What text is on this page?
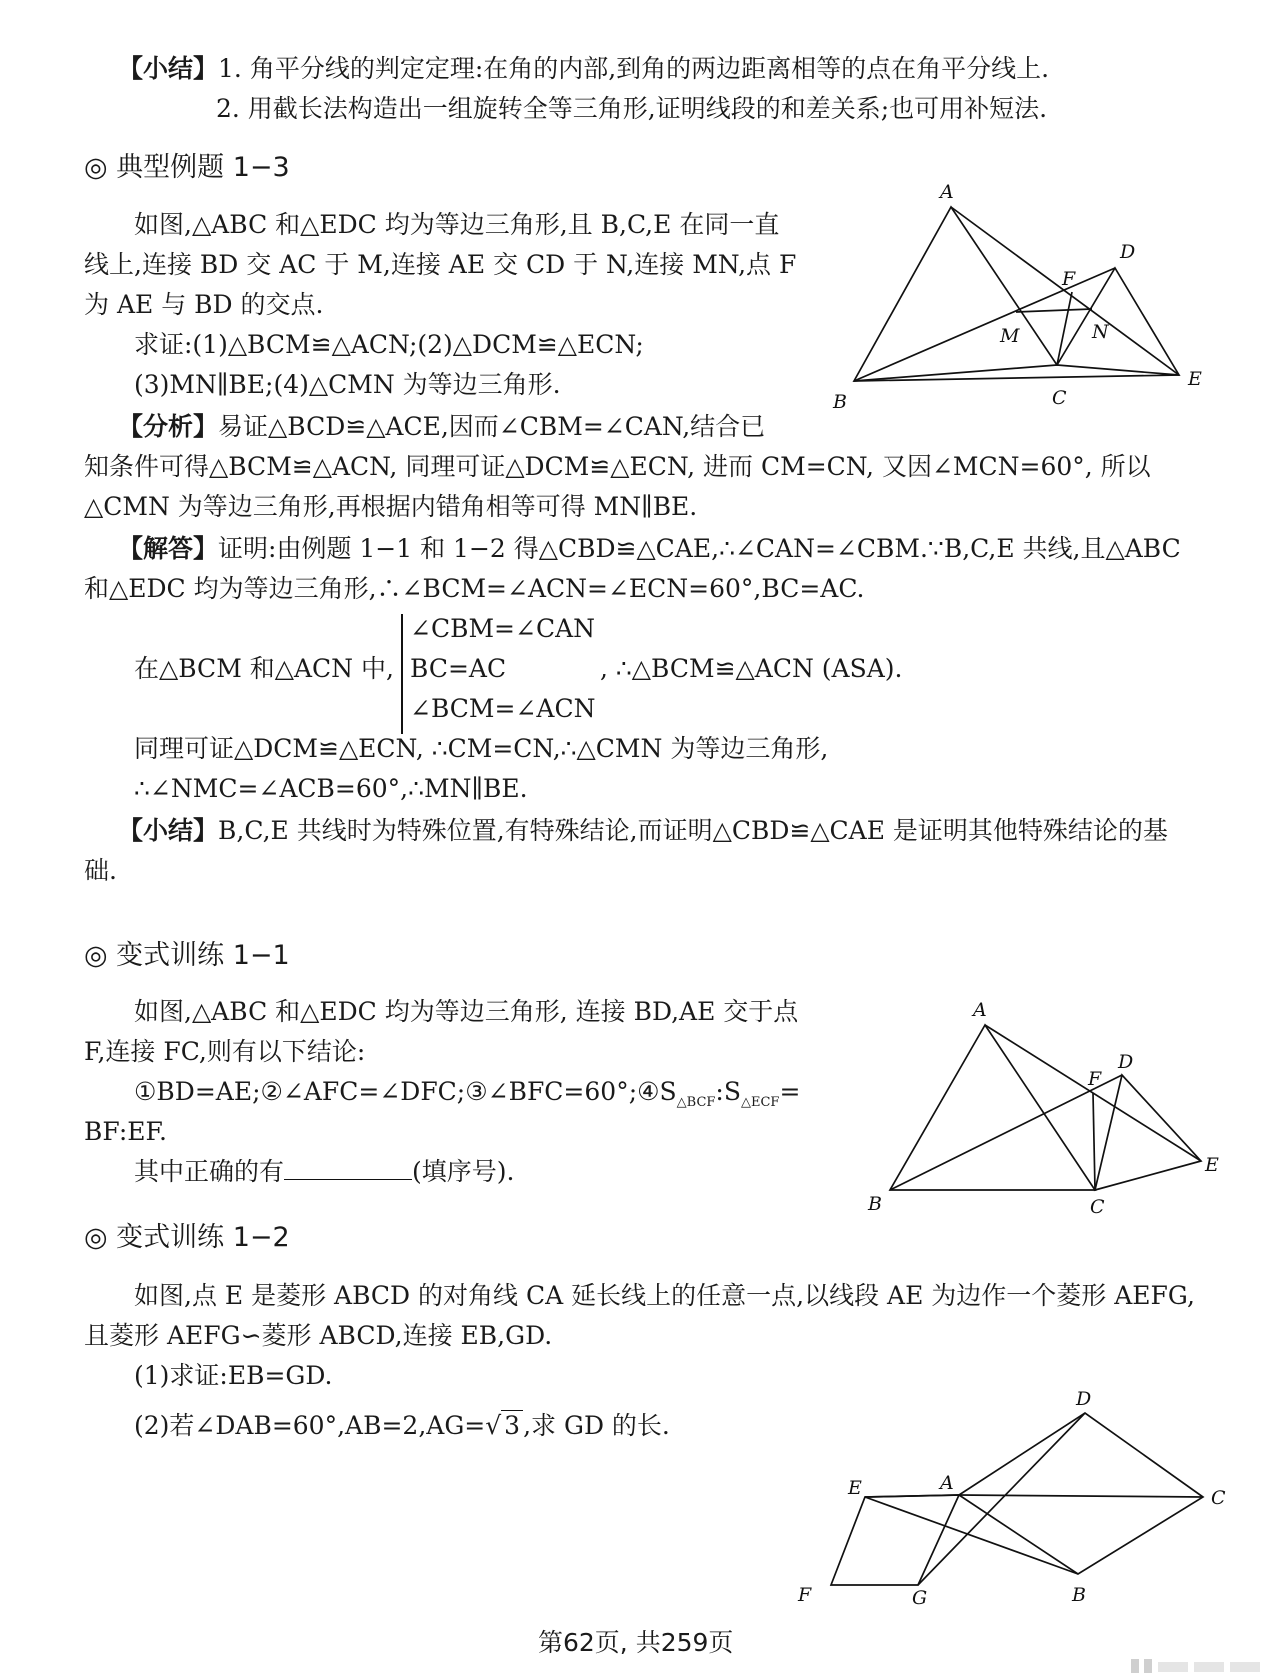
【小结】1. 角平分线的判定定理:在角的内部,到角的两边距离相等的点在角平分线上.
2. 用截长法构造出一组旋转全等三角形,证明线段的和差关系;也可用补短法.
◎ 典型例题 1−3
如图,△ABC 和△EDC 均为等边三角形,且 B,C,E 在同一直
线上,连接 BD 交 AC 于 M,连接 AE 交 CD 于 N,连接 MN,点 F
为 AE 与 BD 的交点.
求证:(1)△BCM≌△ACN;(2)△DCM≌△ECN;
(3)MN∥BE;(4)△CMN 为等边三角形.
【分析】易证△BCD≌△ACE,因而∠CBM=∠CAN,结合已
知条件可得△BCM≌△ACN, 同理可证△DCM≌△ECN, 进而 CM=CN, 又因∠MCN=60°, 所以
△CMN 为等边三角形,再根据内错角相等可得 MN∥BE.
【解答】证明:由例题 1−1 和 1−2 得△CBD≌△CAE,∴∠CAN=∠CBM.∵B,C,E 共线,且△ABC
和△EDC 均为等边三角形,∴∠BCM=∠ACN=∠ECN=60°,BC=AC.
在△BCM 和△ACN 中,
∠CBM=∠CAN
BC=AC
∠BCM=∠ACN
, ∴△BCM≌△ACN (ASA).
同理可证△DCM≌△ECN, ∴CM=CN,∴△CMN 为等边三角形,
∴∠NMC=∠ACB=60°,∴MN∥BE.
【小结】B,C,E 共线时为特殊位置,有特殊结论,而证明△CBD≌△CAE 是证明其他特殊结论的基
础.
A
B	C
D
E
F
M	N
◎ 变式训练 1−1
如图,△ABC 和△EDC 均为等边三角形, 连接 BD,AE 交于点
F,连接 FC,则有以下结论:
$①BD=AE;②\angle AFC=\angle DFC;③\angle BFC=60^\circ;④S_{\triangle BCF}:S_{\triangle ECF}=$
BF:EF.
其中正确的有	(填序号).
A
B	C
D
E
F
◎ 变式训练 1−2
如图,点 E 是菱形 ABCD 的对角线 CA 延长线上的任意一点,以线段 AE 为边作一个菱形 AEFG,
且菱形 AEFG∽菱形 ABCD,连接 EB,GD.
(1)求证:EB=GD.
(2)若∠DAB=60°,AB=2,AG=√ 3 ,求 GD 的长.
A
B
C
D
E
F	G
第62页, 共259页
